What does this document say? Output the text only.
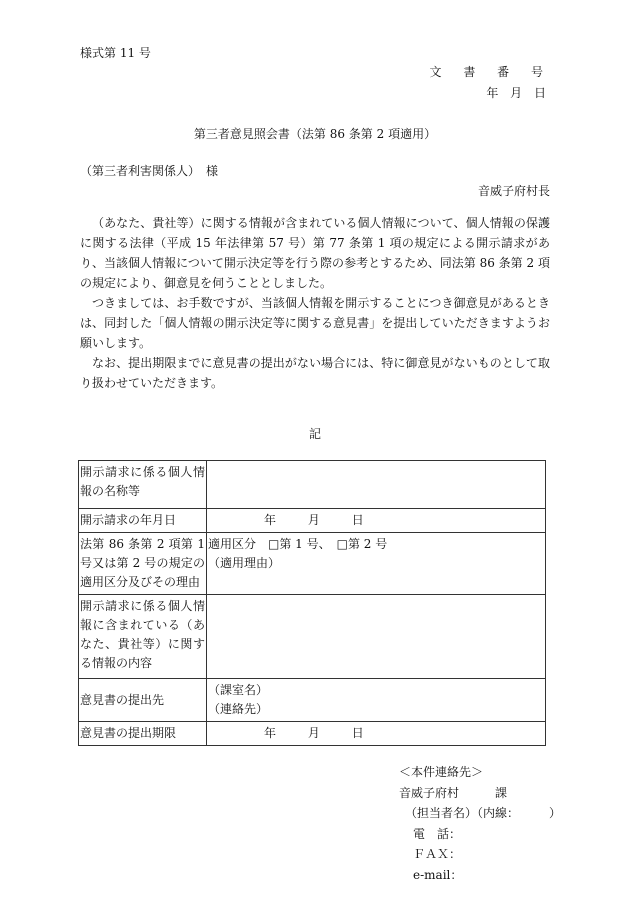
様式第 11 号
文 書 番 号
年 月 日
第三者意見照会書（法第 86 条第 2 項適用）
（第三者利害関係人）　様
音威子府村長

（あなた、貴社等）に関する情報が含まれている個人情報について、個人情報の保護に関する法律（平成 15 年法律第 57 号）第 77 条第 1 項の規定による開示請求があり、当該個人情報について開示決定等を行う際の参考とするため、同法第 86 条第 2 項の規定により、御意見を伺うこととしました。

つきましては、お手数ですが、当該個人情報を開示することにつき御意見があるときは、同封した「個人情報の開示決定等に関する意見書」を提出していただきますようお願いします。

なお、提出期限までに意見書の提出がない場合には、特に御意見がないものとして取り扱わせていただきます。

記
開示請求に係る個人情報の名称等	
開示請求の年月日	年 月 日
法第 86 条第 2 項第 1 号又は第 2 号の規定の適用区分及びその理由	適用区分　□第 1 号、　□第 2 号
（適用理由）

開示請求に係る個人情報に含まれている（あなた、貴社等）に関する情報の内容	
意見書の提出先	（課室名）
（連絡先）

意見書の提出期限	年 月 日
＜本件連絡先＞
音威子府村　　　課
（担当者名）（内線：　　　）
電　話：
ＦＡＸ：
e-mail：
